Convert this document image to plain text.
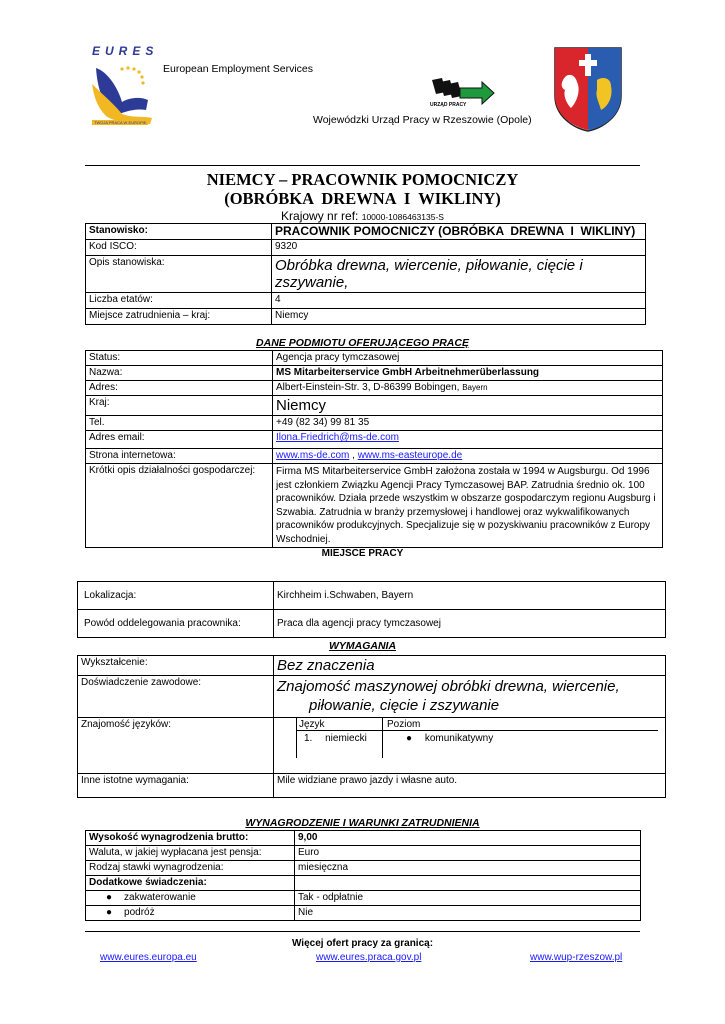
EURES
TWOJA PRACA W EUROPIE
European Employment Services
URZĄD PRACY
Wojewódzki Urząd Pracy w Rzeszowie (Opole)
NIEMCY – PRACOWNIK POMOCNICZY
(OBRÓBKA  DREWNA  I  WIKLINY)
Krajowy nr ref: 10000-1086463135-S
Stanowisko:	PRACOWNIK POMOCNICZY (OBRÓBKA  DREWNA  I  WIKLINY)
Kod ISCO:	9320
Opis stanowiska:	Obróbka drewna, wiercenie, piłowanie, cięcie i zszywanie,
Liczba etatów:	4
Miejsce zatrudnienia – kraj:	Niemcy
DANE PODMIOTU OFERUJĄCEGO PRACĘ
Status:	Agencja pracy tymczasowej
Nazwa:	MS Mitarbeiterservice GmbH Arbeitnehmerüberlassung
Adres:	Albert-Einstein-Str. 3, D-86399 Bobingen, Bayern
Kraj:	Niemcy
Tel.	+49 (82 34) 99 81 35
Adres email:	Ilona.Friedrich@ms-de.com
Strona internetowa:	www.ms-de.com , www.ms-easteurope.de
Krótki opis działalności gospodarczej:	Firma MS Mitarbeiterservice GmbH założona została w 1994 w Augsburgu. Od 1996 jest członkiem Związku Agencji Pracy Tymczasowej BAP. Zatrudnia średnio ok. 100 pracowników. Działa przede wszystkim w obszarze gospodarczym regionu Augsburg i Szwabia. Zatrudnia w branży przemysłowej i handlowej oraz wykwalifikowanych pracowników produkcyjnych. Specjalizuje się w pozyskiwaniu pracowników z Europy Wschodniej.
MIEJSCE PRACY
Lokalizacja:	Kirchheim i.Schwaben, Bayern
Powód oddelegowania pracownika:	Praca dla agencji pracy tymczasowej
WYMAGANIA
Wykształcenie:	Bez znaczenia
Doświadczenie zawodowe:	Znajomość maszynowej obróbki drewna, wiercenie,
piłowanie, cięcie i zszywanie

Znajomość języków:	Język Poziom
1. niemiecki ● komunikatywny

Inne istotne wymagania:	Mile widziane prawo jazdy i własne auto.
WYNAGRODZENIE I WARUNKI ZATRUDNIENIA
Wysokość wynagrodzenia brutto:	9,00
Waluta, w jakiej wypłacana jest pensja:	Euro
Rodzaj stawki wynagrodzenia:	miesięczna
Dodatkowe świadczenia:	
● zakwaterowanie	Tak - odpłatnie
● podróż	Nie
Więcej ofert pracy za granicą:
www.eures.europa.eu	www.eures.praca.gov.pl	www.wup-rzeszow.pl
